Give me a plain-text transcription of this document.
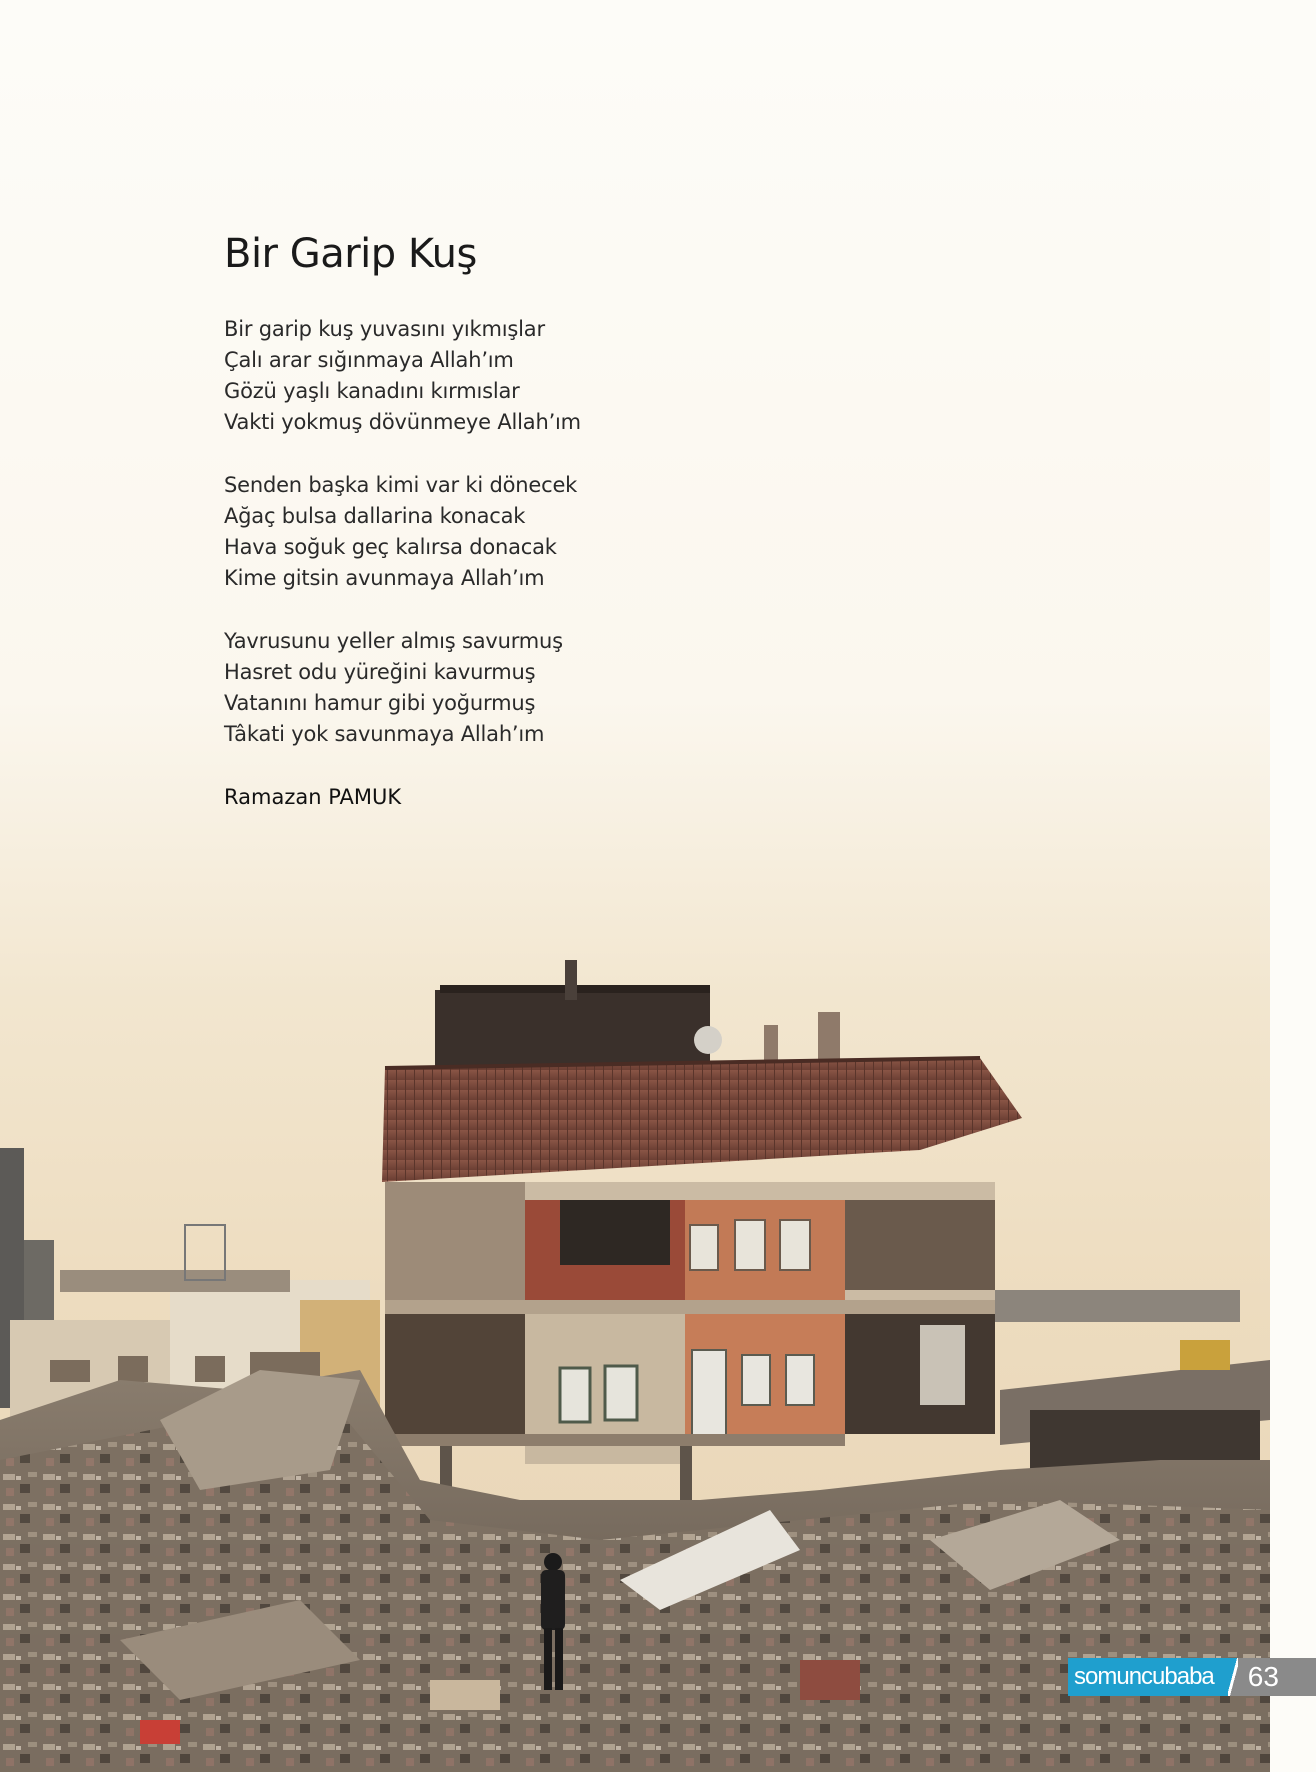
Bir Garip Kuş
Bir garip kuş yuvasını yıkmışlar
Çalı arar sığınmaya Allah’ım
Gözü yaşlı kanadını kırmıslar
Vakti yokmuş dövünmeye Allah’ım
Senden başka kimi var ki dönecek
Ağaç bulsa dallarina konacak
Hava soğuk geç kalırsa donacak
Kime gitsin avunmaya Allah’ım
Yavrusunu yeller almış savurmuş
Hasret odu yüreğini kavurmuş
Vatanını hamur gibi yoğurmuş
Tâkati yok savunmaya Allah’ım
Ramazan PAMUK
somuncubaba	63
